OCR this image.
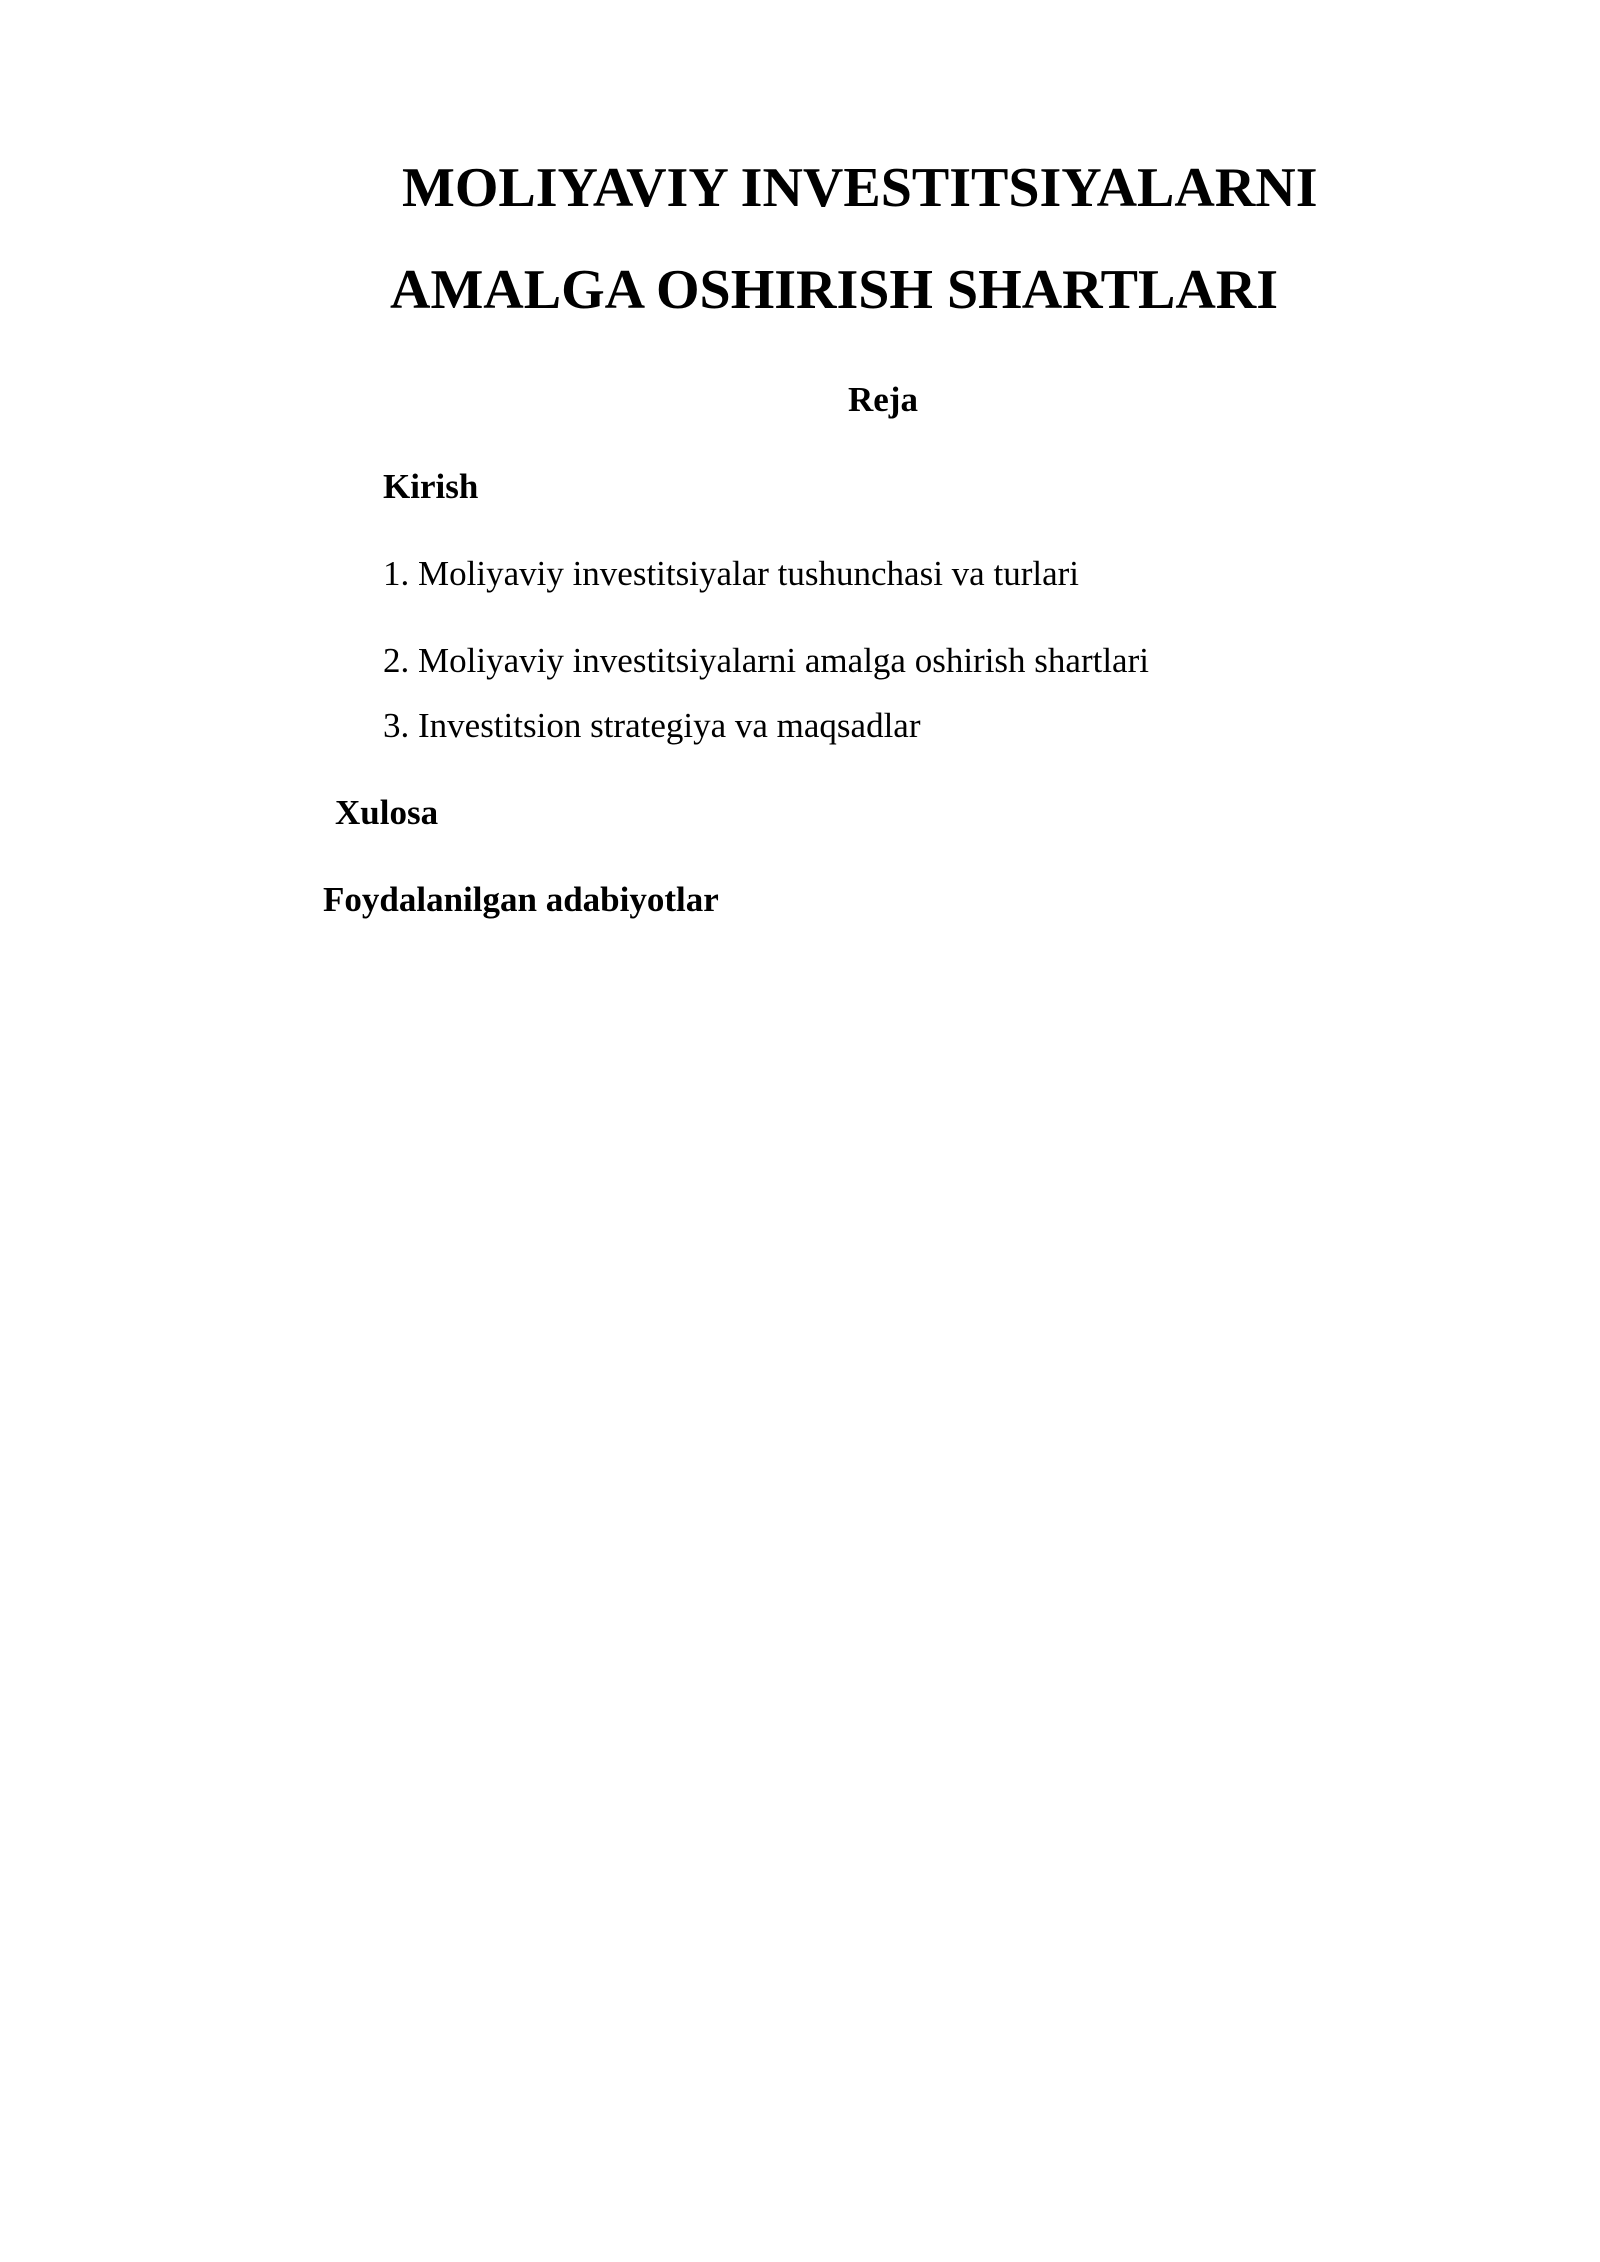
MOLIYAVIY INVESTITSIYALARNI
AMALGA OSHIRISH SHARTLARI
Reja
Kirish
1. Moliyaviy investitsiyalar tushunchasi va turlari
2. Moliyaviy investitsiyalarni amalga oshirish shartlari
3. Investitsion strategiya va maqsadlar
Xulosa
Foydalanilgan adabiyotlar
